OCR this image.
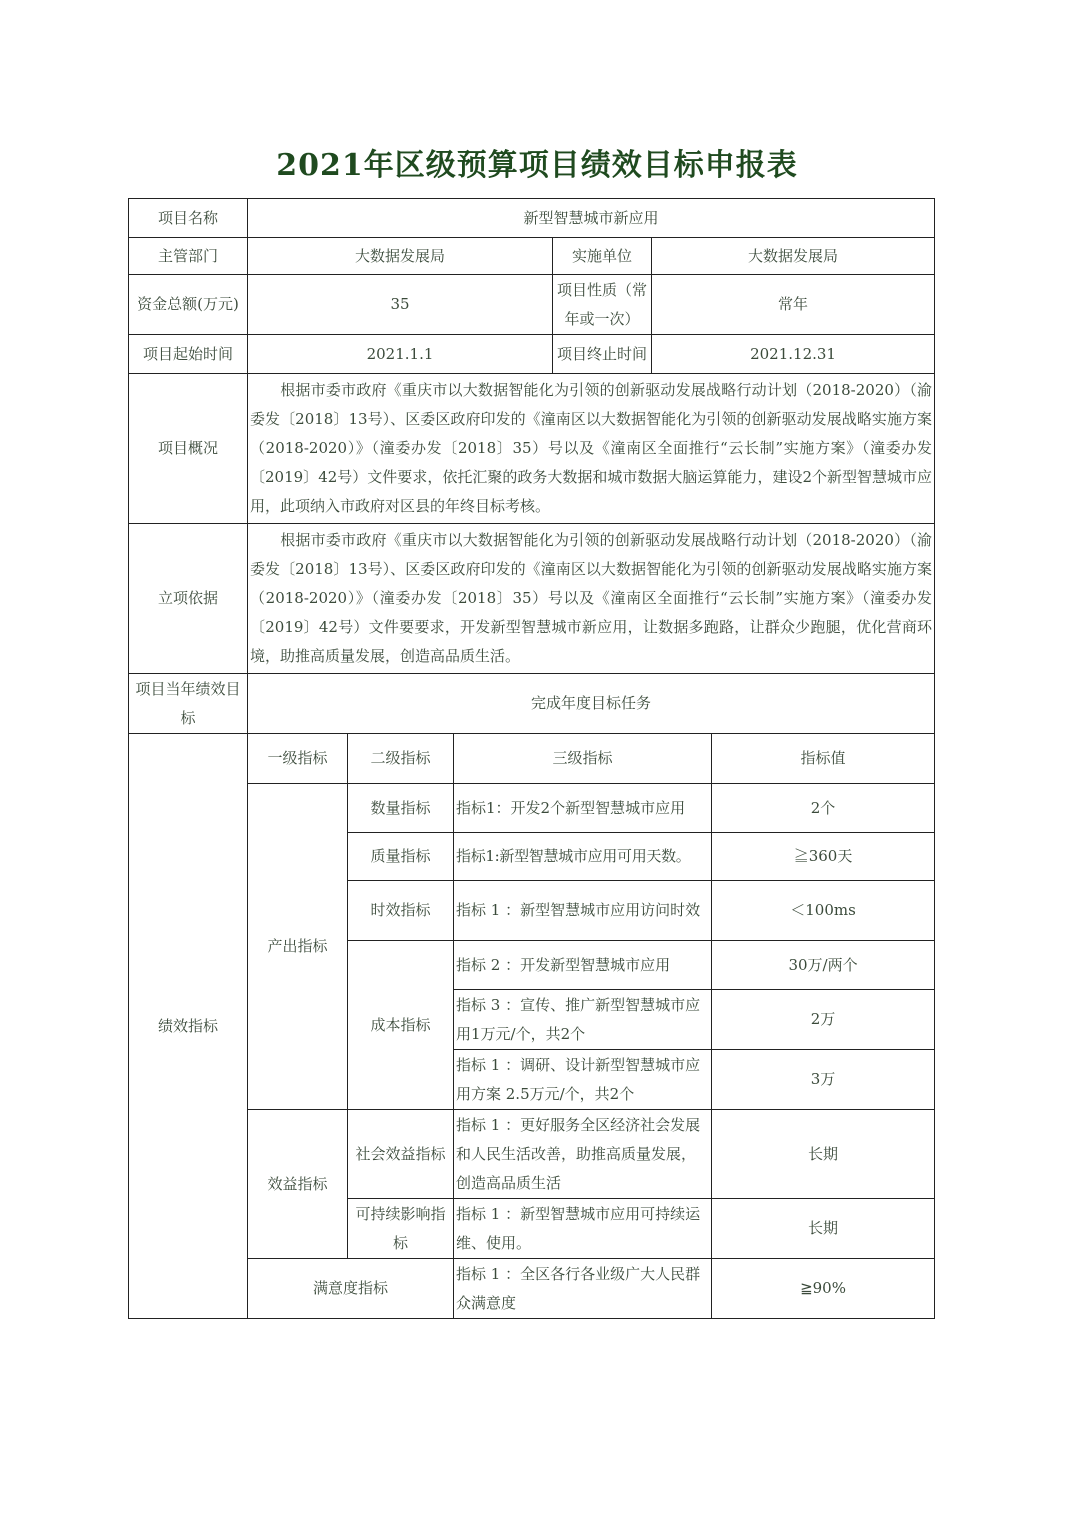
2021年区级预算项目绩效目标申报表
项目名称	新型智慧城市新应用					
主管部门	大数据发展局			实施单位	大数据发展局	
资金总额(万元)	35			项目性质（常年或一次）	常年	
项目起始时间	2021.1.1			项目终止时间	2021.12.31	
项目概况	根据市委市政府《重庆市以大数据智能化为引领的创新驱动发展战略行动计划（2018-2020）（渝委发〔2018〕13号）、区委区政府印发的《潼南区以大数据智能化为引领的创新驱动发展战略实施方案（2018-2020）》（潼委办发〔2018〕35）号以及《潼南区全面推行“云长制”实施方案》（潼委办发〔2019〕42号）文件要求，依托汇聚的政务大数据和城市数据大脑运算能力，建设2个新型智慧城市应用，此项纳入市政府对区县的年终目标考核。					
立项依据	根据市委市政府《重庆市以大数据智能化为引领的创新驱动发展战略行动计划（2018-2020）（渝委发〔2018〕13号）、区委区政府印发的《潼南区以大数据智能化为引领的创新驱动发展战略实施方案（2018-2020）》（潼委办发〔2018〕35）号以及《潼南区全面推行“云长制”实施方案》（潼委办发〔2019〕42号）文件要要求，开发新型智慧城市新应用，让数据多跑路，让群众少跑腿，优化营商环境，助推高质量发展，创造高品质生活。					
项目当年绩效目标	完成年度目标任务					
绩效指标	一级指标	二级指标	三级指标			指标值
	产出指标	数量指标	指标1：开发2个新型智慧城市应用			2个
		质量指标	指标1:新型智慧城市应用可用天数。			≧360天
		时效指标	指标 1 ：新型智慧城市应用访问时效			＜100ms
		成本指标	指标 2 ：开发新型智慧城市应用			30万/两个
			指标 3 ：宣传、推广新型智慧城市应用1万元/个，共2个			2万
			指标 1 ：调研、设计新型智慧城市应用方案 2.5万元/个，共2个			3万
	效益指标	社会效益指标	指标 1 ：更好服务全区经济社会发展和人民生活改善，助推高质量发展，创造高品质生活			长期
		可持续影响指标	指标 1 ：新型智慧城市应用可持续运维、使用。			长期
	满意度指标		指标 1 ：全区各行各业级广大人民群众满意度			≧90%
